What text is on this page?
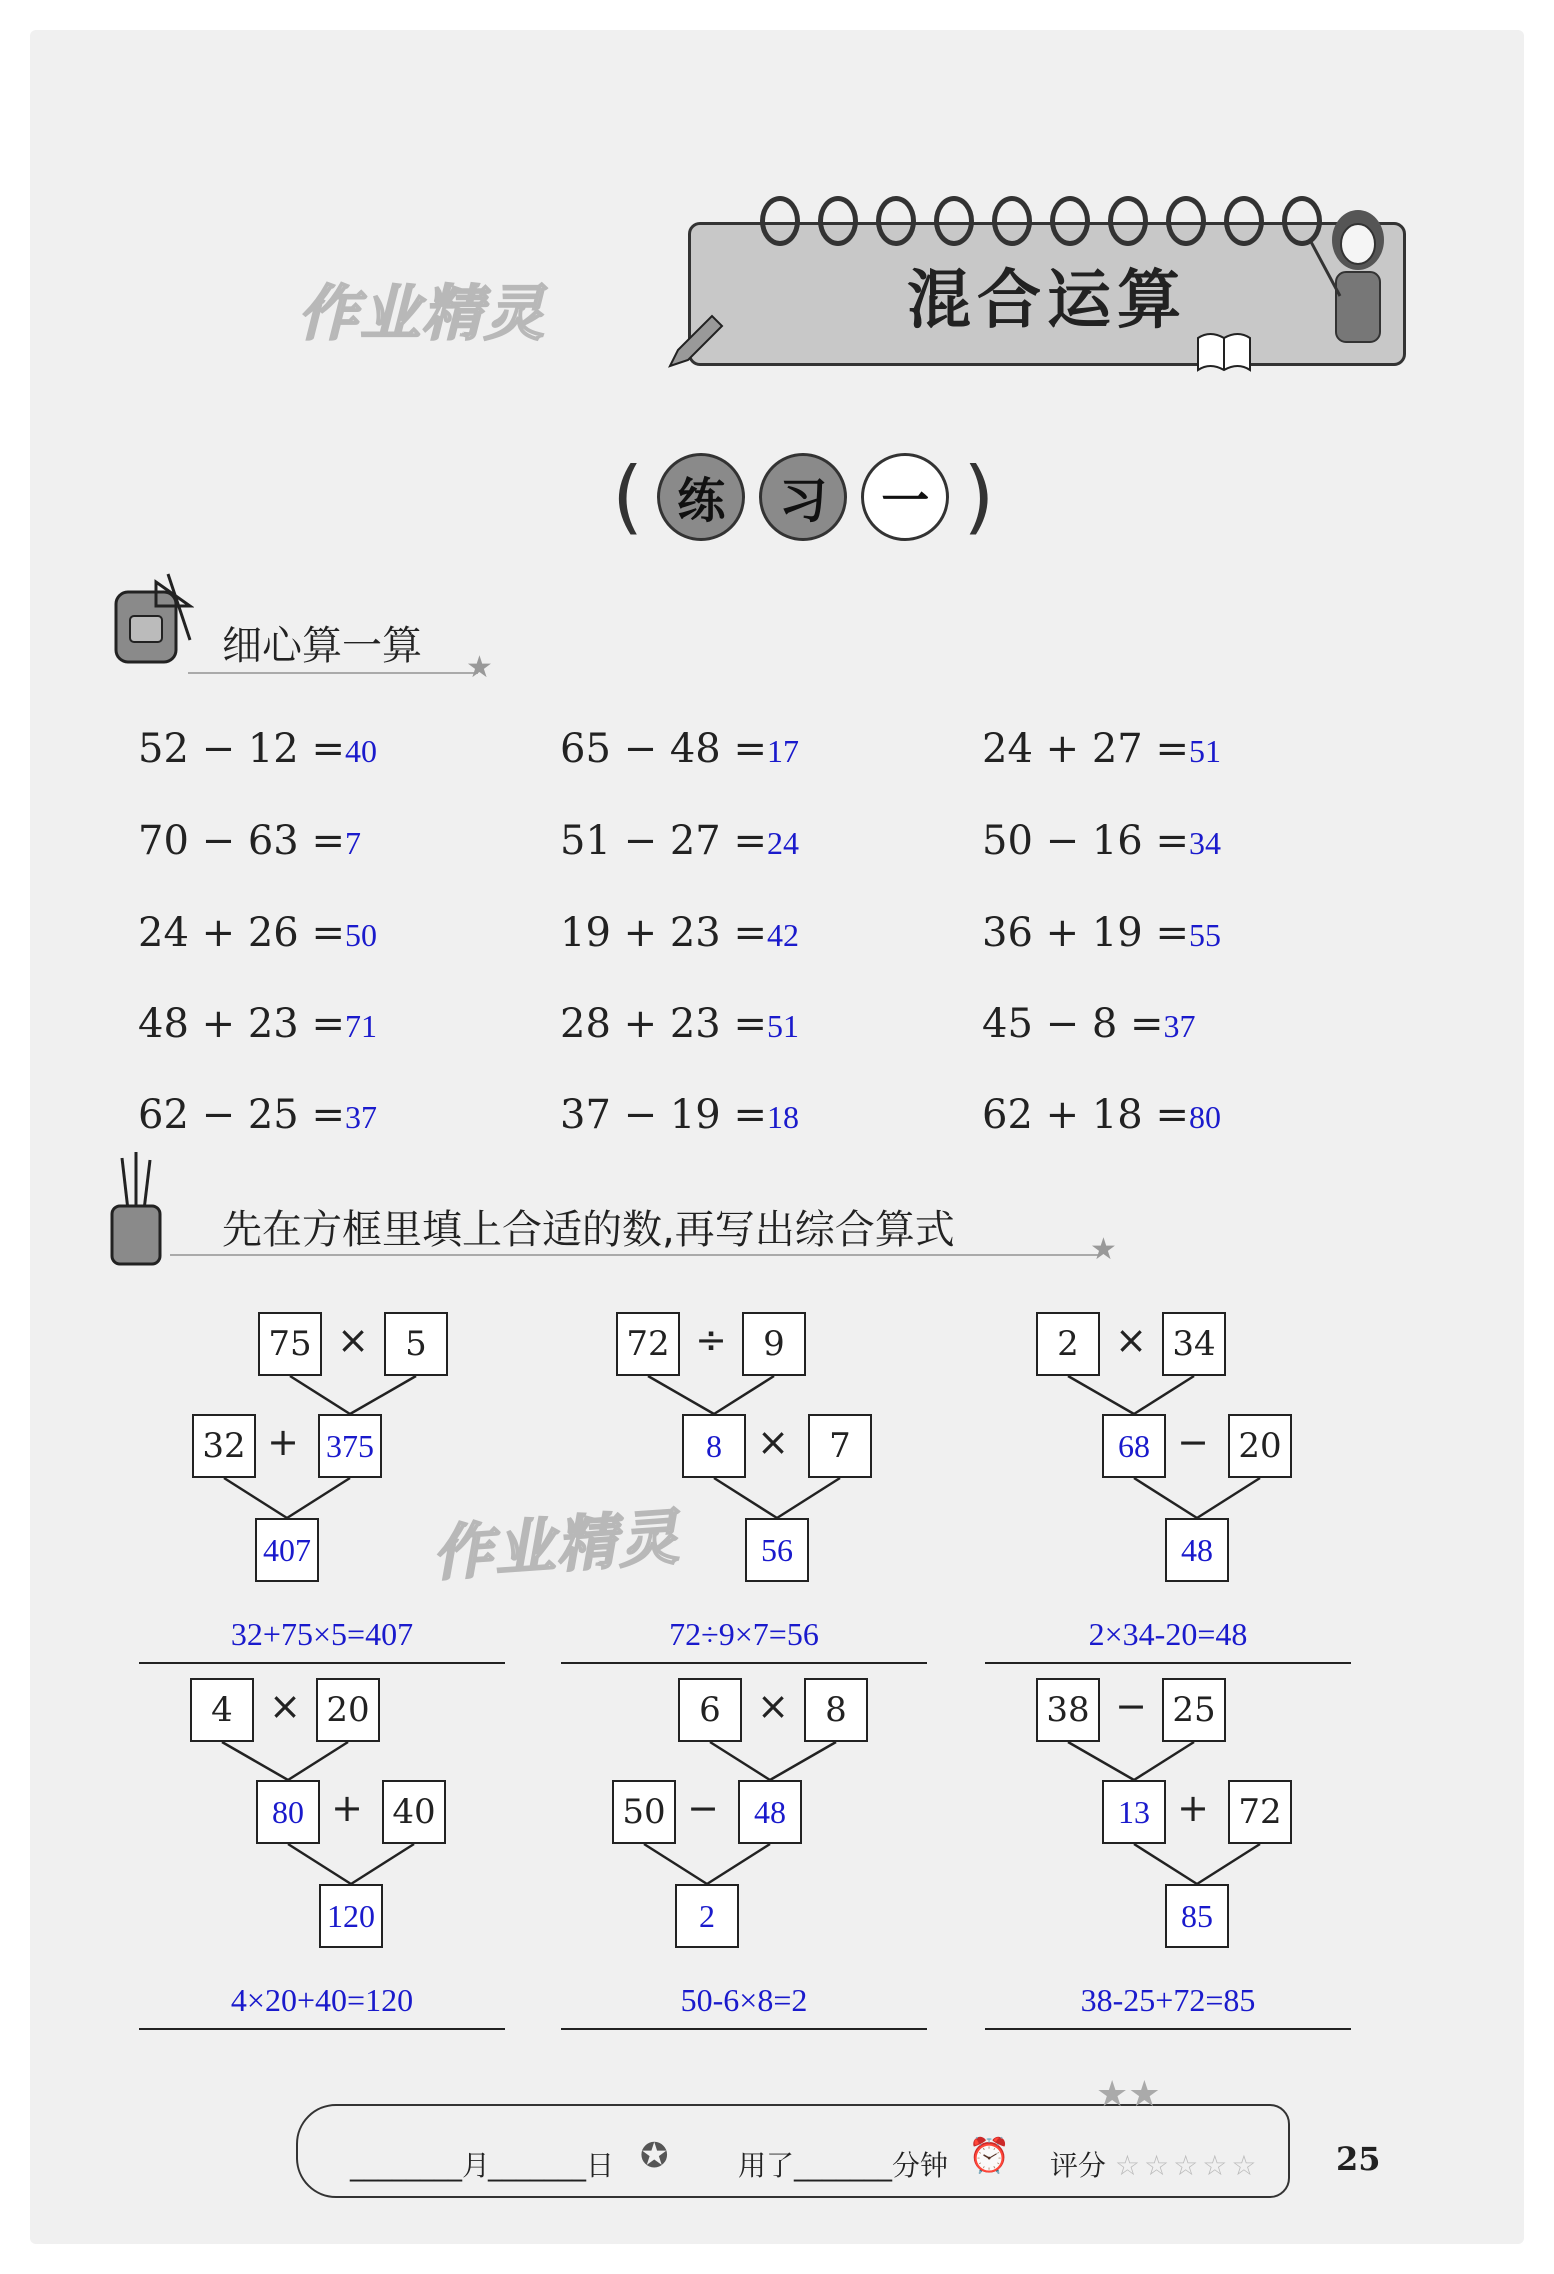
作业精灵
作业精灵
混合运算
( 练	习	一 )
细心算一算 ★
52 − 12 =40	65 − 48 =17	24 + 27 =51
70 − 63 =7	51 − 27 =24	50 − 16 =34
24 + 26 =50	19 + 23 =42	36 + 19 =55
48 + 23 =71	28 + 23 =51	45 − 8 =37
62 − 25 =37	37 − 19 =18	62 + 18 =80
先在方框里填上合适的数,再写出综合算式	★
75 ×	5
32 + 375
407
32+75×5=407
72 ÷	9
8 ×	7
56
72÷9×7=56
2 × 34
68 − 20
48
2×34-20=48
4 × 20
80 + 40
120
4×20+40=120
6 ×	8
50 −	48
2
50-6×8=2
38 − 25
13 + 72
85
38-25+72=85
________月
_______日 ✪ 用了_______分钟 ⏰ 评分 ☆☆☆☆☆
★★
25
